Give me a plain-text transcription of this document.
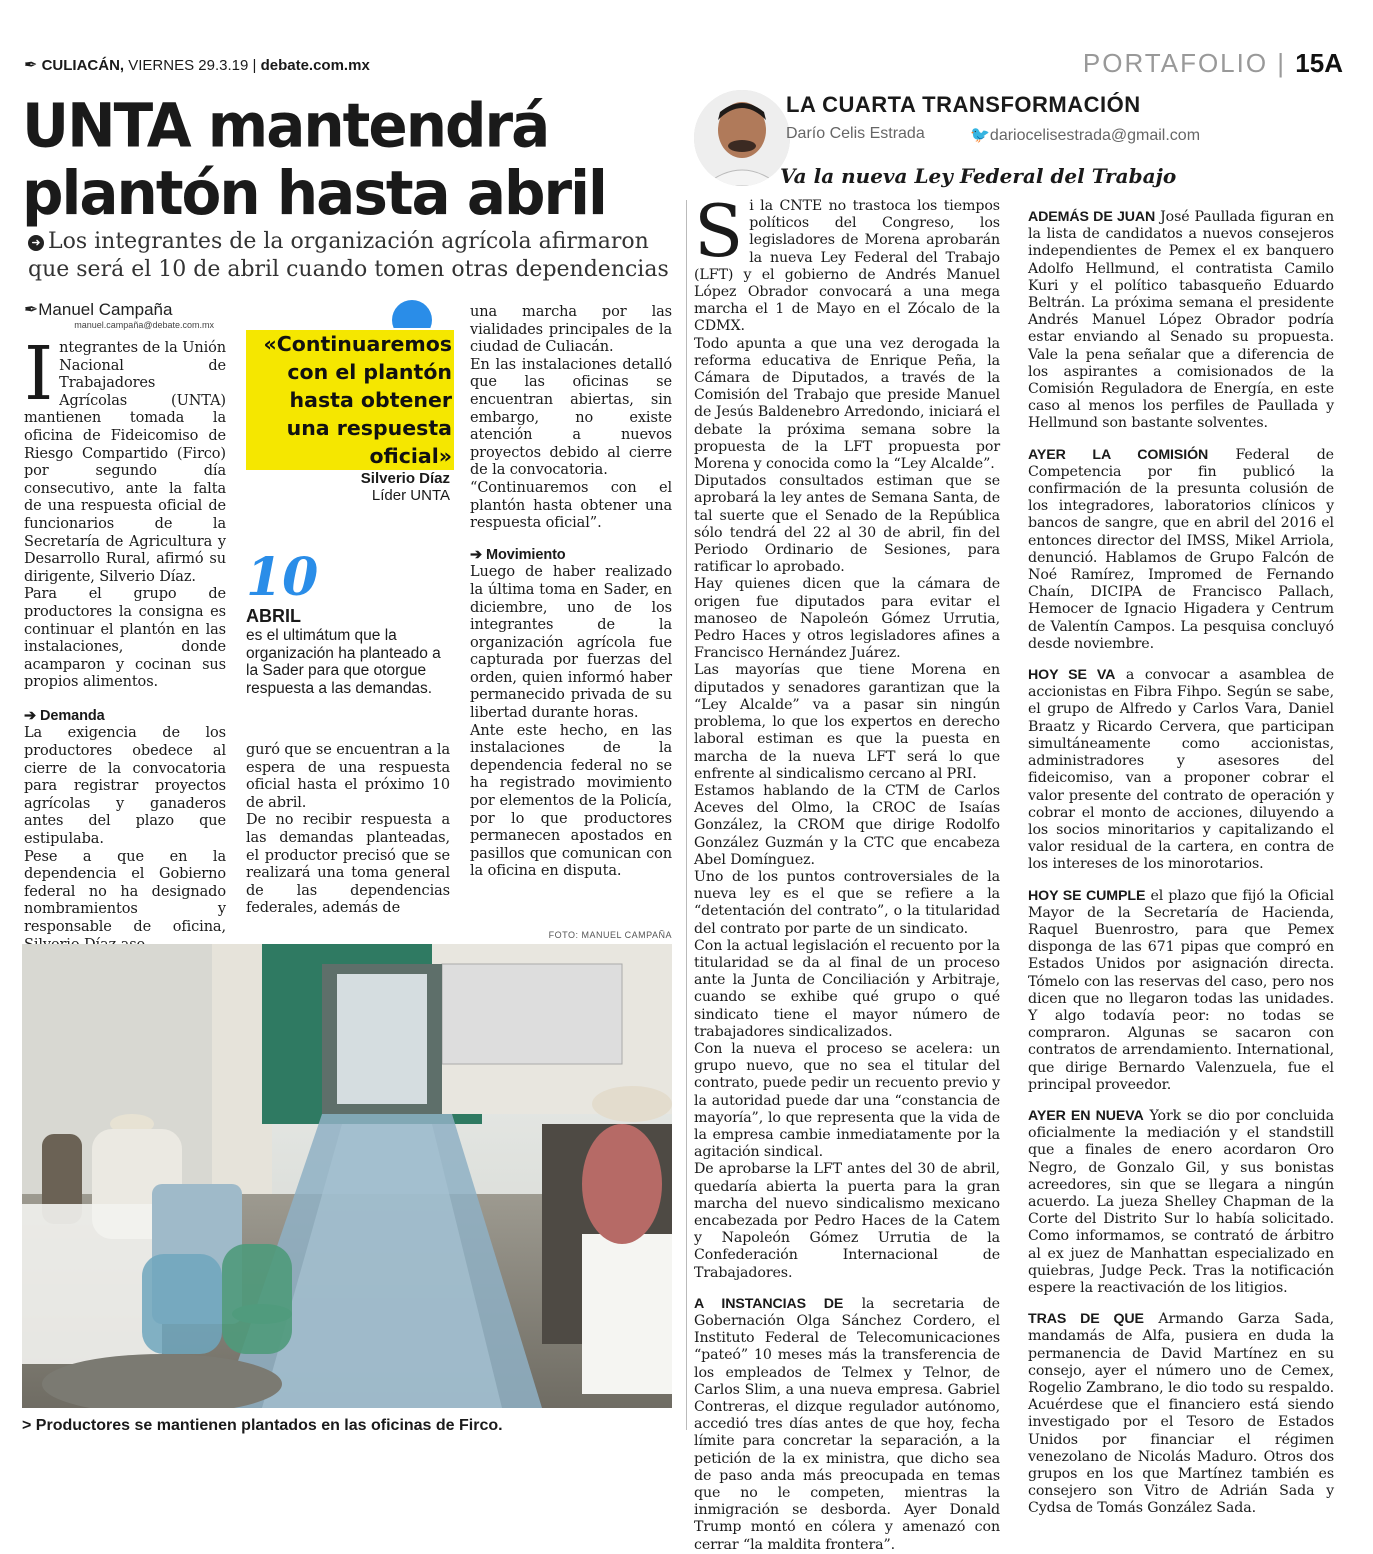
✒ CULIACÁN, VIERNES 29.3.19 | debate.com.mx	PORTAFOLIO | 15A
UNTA mantendrá
plantón hasta abril
➜ Los integrantes de la organización agrícola afirmaron que será el 10 de abril cuando tomen otras dependencias
✒Manuel Campaña
manuel.campaña@debate.com.mx

Integrantes de la Unión Nacional de Trabajadores Agrícolas (UNTA) mantienen tomada la oficina de Fideicomiso de Riesgo Compartido (Firco) por segundo día consecutivo, ante la falta de una respuesta oficial de funcionarios de la Secretaría de Agricultura y Desarrollo Rural, afirmó su dirigente, Silverio Díaz.

Para el grupo de productores la consigna es continuar el plantón en las instalaciones, donde acamparon y cocinan sus propios alimentos.

➔ Demanda

La exigencia de los productores obedece al cierre de la convocatoria para registrar proyectos agrícolas y ganaderos antes del plazo que estipulaba.

Pese a que en la dependencia el Gobierno federal no ha designado nombramientos y responsable de oficina,

«Continuaremos con el plantón hasta obtener una respuesta oficial»
Silverio Díaz
Líder UNTA
10
ABRIL
es el ultimátum que la organización ha planteado a la Sader para que otorgue respuesta a las demandas.

guró que se encuentran a la espera de una respuesta oficial hasta el próximo 10 de abril.

De no recibir respuesta a las demandas planteadas, el productor precisó que se realizará una toma general de las dependencias federales, además de

una marcha por las vialidades principales de la ciudad de Culiacán.

En las instalaciones detalló que las oficinas se encuentran abiertas, sin embargo, no existe atención a nuevos proyectos debido al cierre de la convocatoria.

“Continuaremos con el plantón hasta obtener una respuesta oficial”.

➔ Movimiento

Luego de haber realizado la última toma en Sader, en diciembre, uno de los integrantes de la organización agrícola fue capturada por fuerzas del orden, quien informó haber permanecido privada de su libertad durante horas.

Ante este hecho, en las instalaciones de la dependencia federal no se ha registrado movimiento por elementos de la Policía, por lo que productores permanecen apostados en pasillos que comunican con la oficina en disputa.

FOTO: MANUEL CAMPAÑA
> Productores se mantienen plantados en las oficinas de Firco.
LA CUARTA TRANSFORMACIÓN
Darío Celis Estrada	🐦dariocelisestrada@gmail.com
Va la nueva Ley Federal del Trabajo

Si la CNTE no trastoca los tiempos políticos del Congreso, los legisladores de Morena aprobarán la nueva Ley Federal del Trabajo (LFT) y el gobierno de Andrés Manuel López Obrador convocará a una mega marcha el 1 de Mayo en el Zócalo de la CDMX.

Todo apunta a que una vez derogada la reforma educativa de Enrique Peña, la Cámara de Diputados, a través de la Comisión del Trabajo que preside Manuel de Jesús Baldenebro Arredondo, iniciará el debate la próxima semana sobre la propuesta de la LFT propuesta por Morena y conocida como la “Ley Alcalde”.

Diputados consultados estiman que se aprobará la ley antes de Semana Santa, de tal suerte que el Senado de la República sólo tendrá del 22 al 30 de abril, fin del Periodo Ordinario de Sesiones, para ratificar lo aprobado.

Hay quienes dicen que la cámara de origen fue diputados para evitar el manoseo de Napoleón Gómez Urrutia, Pedro Haces y otros legisladores afines a Francisco Hernández Juárez.

Las mayorías que tiene Morena en diputados y senadores garantizan que la “Ley Alcalde” va a pasar sin ningún problema, lo que los expertos en derecho laboral estiman es que la puesta en marcha de la nueva LFT será lo que enfrente al sindicalismo cercano al PRI.

Estamos hablando de la CTM de Carlos Aceves del Olmo, la CROC de Isaías González, la CROM que dirige Rodolfo González Guzmán y la CTC que encabeza Abel Domínguez.

Uno de los puntos controversiales de la nueva ley es el que se refiere a la “detentación del contrato”, o la titularidad del contrato por parte de un sindicato.

Con la actual legislación el recuento por la titularidad se da al final de un proceso ante la Junta de Conciliación y Arbitraje, cuando se exhibe qué grupo o qué sindicato tiene el mayor número de trabajadores sindicalizados.

Con la nueva el proceso se acelera: un grupo nuevo, que no sea el titular del contrato, puede pedir un recuento previo y la autoridad puede dar una “constancia de mayoría”, lo que representa que la vida de la empresa cambie inmediatamente por la agitación sindical.

De aprobarse la LFT antes del 30 de abril, quedaría abierta la puerta para la gran marcha del nuevo sindicalismo mexicano encabezada por Pedro Haces de la Catem y Napoleón Gómez Urrutia de la Confederación Internacional de Trabajadores.

A INSTANCIAS DE la secretaria de Gobernación Olga Sánchez Cordero, el Instituto Federal de Telecomunicaciones “pateó” 10 meses más la transferencia de los empleados de Telmex y Telnor, de Carlos Slim, a una nueva empresa. Gabriel Contreras, el dizque regulador autónomo, accedió tres días antes de que hoy, fecha límite para concretar la separación, a la petición de la ex ministra, que dicho sea de paso anda más preocupada en temas que no le competen, mientras la inmigración se desborda. Ayer Donald Trump montó en cólera y amenazó con cerrar “la maldita frontera”.

ADEMÁS DE JUAN José Paullada figuran en la lista de candidatos a nuevos consejeros independientes de Pemex el ex banquero Adolfo Hellmund, el contratista Camilo Kuri y el político tabasqueño Eduardo Beltrán. La próxima semana el presidente Andrés Manuel López Obrador podría estar enviando al Senado su propuesta. Vale la pena señalar que a diferencia de los aspirantes a comisionados de la Comisión Reguladora de Energía, en este caso al menos los perfiles de Paullada y Hellmund son bastante solventes.

AYER LA COMISIÓN Federal de Competencia por fin publicó la confirmación de la presunta colusión de los integradores, laboratorios clínicos y bancos de sangre, que en abril del 2016 el entonces director del IMSS, Mikel Arriola, denunció. Hablamos de Grupo Falcón de Noé Ramírez, Impromed de Fernando Chaín, DICIPA de Francisco Pallach, Hemocer de Ignacio Higadera y Centrum de Valentín Campos. La pesquisa concluyó desde noviembre.

HOY SE VA a convocar a asamblea de accionistas en Fibra Fihpo. Según se sabe, el grupo de Alfredo y Carlos Vara, Daniel Braatz y Ricardo Cervera, que participan simultáneamente como accionistas, administradores y asesores del fideicomiso, van a proponer cobrar el valor presente del contrato de operación y cobrar el monto de acciones, diluyendo a los socios minoritarios y capitalizando el valor residual de la cartera, en contra de los intereses de los minorotarios.

HOY SE CUMPLE el plazo que fijó la Oficial Mayor de la Secretaría de Hacienda, Raquel Buenrostro, para que Pemex disponga de las 671 pipas que compró en Estados Unidos por asignación directa. Tómelo con las reservas del caso, pero nos dicen que no llegaron todas las unidades. Y algo todavía peor: no todas se compraron. Algunas se sacaron con contratos de arrendamiento. International, que dirige Bernardo Valenzuela, fue el principal proveedor.

AYER EN NUEVA York se dio por concluida oficialmente la mediación y el standstill que a finales de enero acordaron Oro Negro, de Gonzalo Gil, y sus bonistas acreedores, sin que se llegara a ningún acuerdo. La jueza Shelley Chapman de la Corte del Distrito Sur lo había solicitado. Como informamos, se contrató de árbitro al ex juez de Manhattan especializado en quiebras, Judge Peck. Tras la notificación espere la reactivación de los litigios.

TRAS DE QUE Armando Garza Sada, mandamás de Alfa, pusiera en duda la permanencia de David Martínez en su consejo, ayer el número uno de Cemex, Rogelio Zambrano, le dio todo su respaldo. Acuérdese que el financiero está siendo investigado por el Tesoro de Estados Unidos por financiar el régimen venezolano de Nicolás Maduro. Otros dos grupos en los que Martínez también es consejero son Vitro de Adrián Sada y Cydsa de Tomás González Sada.
